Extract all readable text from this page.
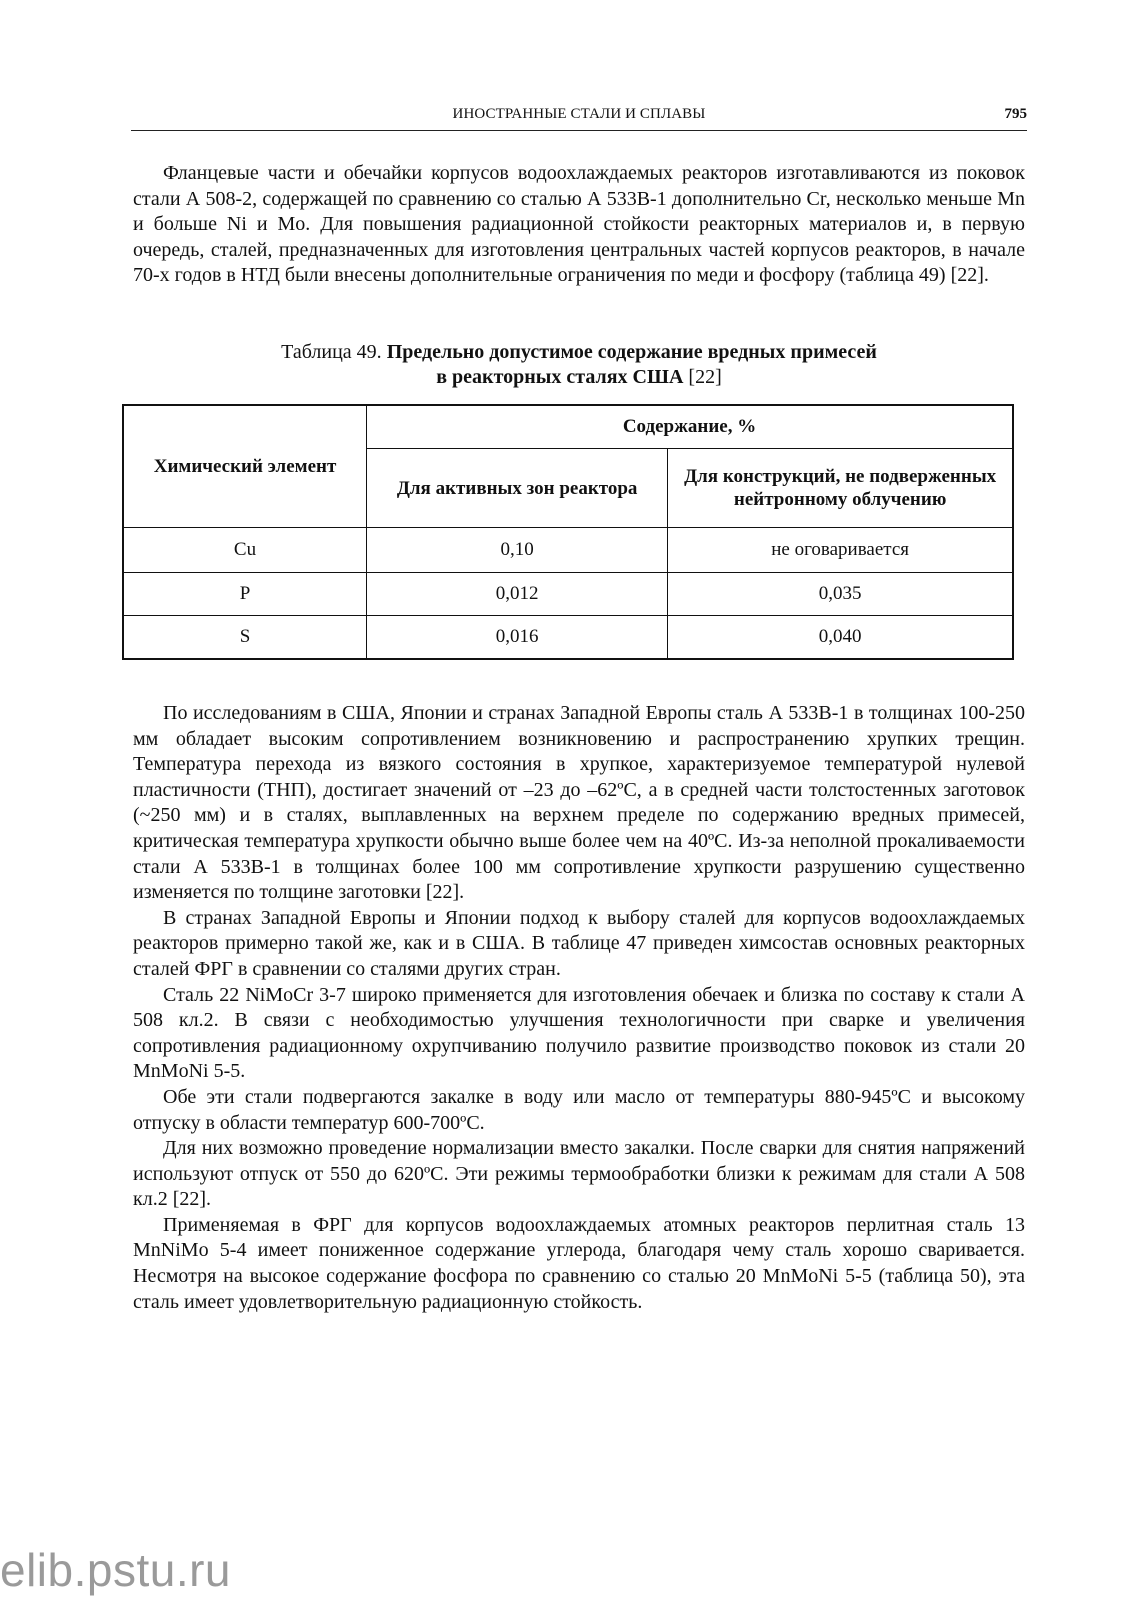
ИНОСТРАННЫЕ СТАЛИ И СПЛАВЫ	795

Фланцевые части и обечайки корпусов водоохлаждаемых реакторов изготавливаются из поковок стали А 508-2, содержащей по сравнению со сталью А 533В-1 дополнительно Cr, несколько меньше Mn и больше Ni и Mo. Для повышения радиационной стойкости реакторных материалов и, в первую очередь, сталей, предназначенных для изготовления центральных частей корпусов реакторов, в начале 70-х годов в НТД были внесены дополнительные ограничения по меди и фосфору (таблица 49) [22].

Таблица 49. Предельно допустимое содержание вредных примесей
в реакторных сталях США [22]
Химический элемент	Содержание, %	
	Для активных зон реактора	Для конструкций, не подверженных нейтронному облучению
Cu	0,10	не оговаривается
P	0,012	0,035
S	0,016	0,040

По исследованиям в США, Японии и странах Западной Европы сталь А 533В-1 в толщинах 100-250 мм обладает высоким сопротивлением возникновению и распространению хрупких трещин. Температура перехода из вязкого состояния в хрупкое, характеризуемое температурой нулевой пластичности (ТНП), достигает значений от –23 до –62ºС, а в средней части толстостенных заготовок (~250 мм) и в сталях, выплавленных на верхнем пределе по содержанию вредных примесей, критическая температура хрупкости обычно выше более чем на 40ºС. Из-за неполной прокаливаемости стали А 533В-1 в толщинах более 100 мм сопротивление хрупкости разрушению существенно изменяется по толщине заготовки [22].

В странах Западной Европы и Японии подход к выбору сталей для корпусов водоохлаждаемых реакторов примерно такой же, как и в США. В таблице 47 приведен химсостав основных реакторных сталей ФРГ в сравнении со сталями других стран.

Сталь 22 NiMoCr 3-7 широко применяется для изготовления обечаек и близка по составу к стали А 508 кл.2. В связи с необходимостью улучшения технологичности при сварке и увеличения сопротивления радиационному охрупчиванию получило развитие производство поковок из стали 20 MnMoNi 5-5.

Обе эти стали подвергаются закалке в воду или масло от температуры 880-945ºС и высокому отпуску в области температур 600-700ºС.

Для них возможно проведение нормализации вместо закалки. После сварки для снятия напряжений используют отпуск от 550 до 620ºС. Эти режимы термообработки близки к режимам для стали А 508 кл.2 [22].

Применяемая в ФРГ для корпусов водоохлаждаемых атомных реакторов перлитная сталь 13 MnNiMo 5-4 имеет пониженное содержание углерода, благодаря чему сталь хорошо сваривается. Несмотря на высокое содержание фосфора по сравнению со сталью 20 MnMoNi 5-5 (таблица 50), эта сталь имеет удовлетворительную радиационную стойкость.

elib.pstu.ru
